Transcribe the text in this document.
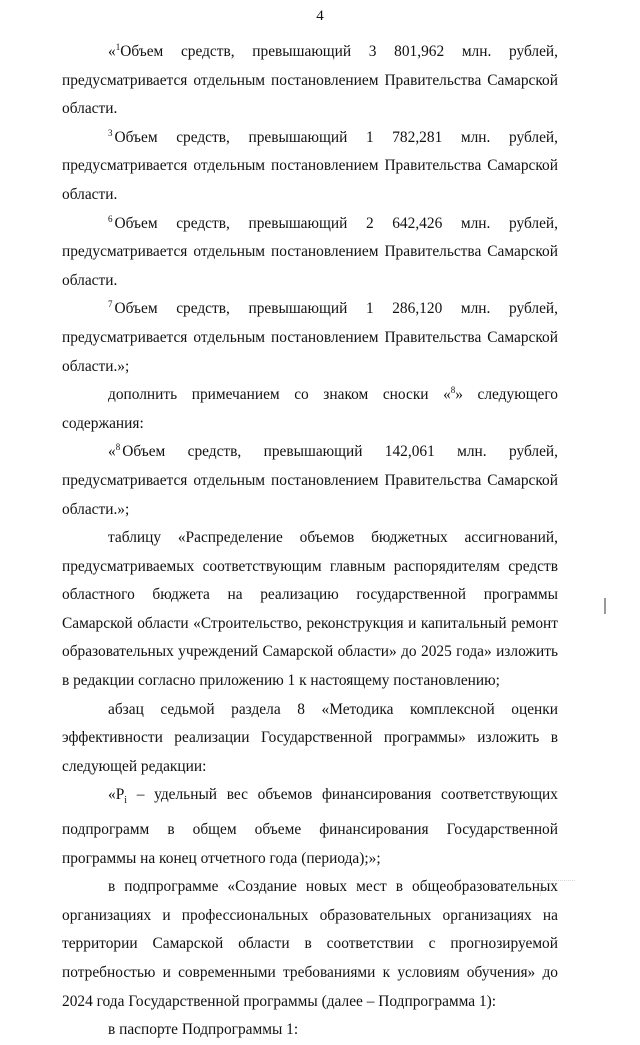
4

«$^1$Объем средств, превышающий 3 801,962 млн. рублей, предусматривается отдельным постановлением Правительства Самарской области.

$^3$ Объем средств, превышающий 1 782,281 млн. рублей, предусматривается отдельным постановлением Правительства Самарской области.

$^6$ Объем средств, превышающий 2 642,426 млн. рублей, предусматривается отдельным постановлением Правительства Самарской области.

$^7$ Объем средств, превышающий 1 286,120 млн. рублей, предусматривается отдельным постановлением Правительства Самарской области.»;

дополнить примечанием со знаком сноски «$^8$» следующего содержания:

«$^8$ Объем средств, превышающий 142,061 млн. рублей, предусматривается отдельным постановлением Правительства Самарской области.»;

таблицу «Распределение объемов бюджетных ассигнований, предусматриваемых соответствующим главным распорядителям средств областного бюджета на реализацию государственной программы Самарской области «Строительство, реконструкция и капитальный ремонт образовательных учреждений Самарской области» до 2025 года» изложить в редакции согласно приложению 1 к настоящему постановлению;

абзац седьмой раздела 8 «Методика комплексной оценки эффективности реализации Государственной программы» изложить в следующей редакции:

«$P_i$ – удельный вес объемов финансирования соответствующих подпрограмм в общем объеме финансирования Государственной программы на конец отчетного года (периода);»;

в подпрограмме «Создание новых мест в общеобразовательных организациях и профессиональных образовательных организациях на территории Самарской области в соответствии с прогнозируемой потребностью и современными требованиями к условиям обучения» до 2024 года Государственной программы (далее – Подпрограмма 1):

в паспорте Подпрограммы 1:
